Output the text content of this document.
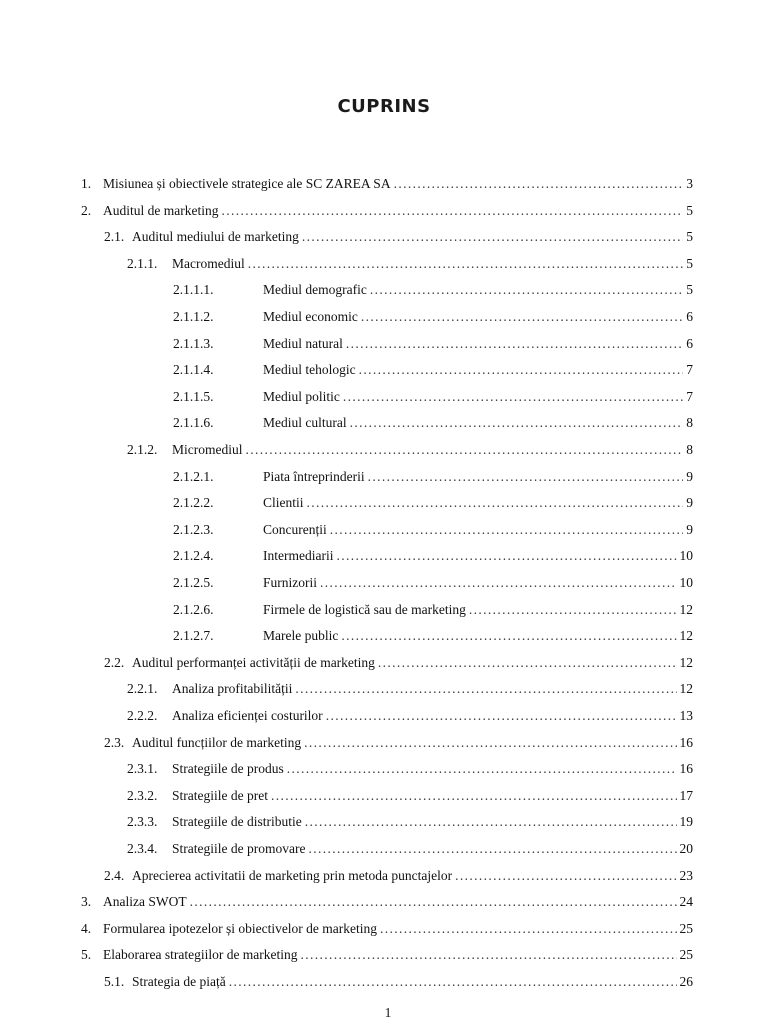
CUPRINS
1. Misiunea și obiectivele strategice ale SC ZAREA SA . . .	3
2. Auditul de marketing . . .	5
2.1. Auditul mediului de marketing . . .	5
2.1.1.	Macromediul . . .	5
2.1.1.1.	Mediul demografic . . .	5
2.1.1.2.	Mediul economic . . .	6
2.1.1.3.	Mediul natural . . .	6
2.1.1.4.	Mediul tehologic . . .	7
2.1.1.5.	Mediul politic . . .	7
2.1.1.6.	Mediul cultural . . .	8
2.1.2.	Micromediul . . .	8
2.1.2.1.	Piata întreprinderii . . .	9
2.1.2.2.	Clientii . . .	9
2.1.2.3.	Concurenții . . .	9
2.1.2.4.	Intermediarii . . .	10
2.1.2.5.	Furnizorii . . .	10
2.1.2.6.	Firmele de logistică sau de marketing . . .	12
2.1.2.7.	Marele public . . .	12
2.2. Auditul performanței activității de marketing . . .	12
2.2.1.	Analiza profitabilității . . .	12
2.2.2.	Analiza eficienței costurilor . . .	13
2.3. Auditul funcțiilor de marketing . . .	16
2.3.1.	Strategiile de produs . . .	16
2.3.2.	Strategiile de pret . . .	17
2.3.3.	Strategiile de distributie . . .	19
2.3.4.	Strategiile de promovare . . .	20
2.4. Aprecierea activitatii de marketing prin metoda punctajelor . . .	23
3. Analiza SWOT . . .	24
4. Formularea ipotezelor și obiectivelor de marketing . . .	25
5. Elaborarea strategiilor de marketing . . .	25
5.1. Strategia de piață . . .	26
1
